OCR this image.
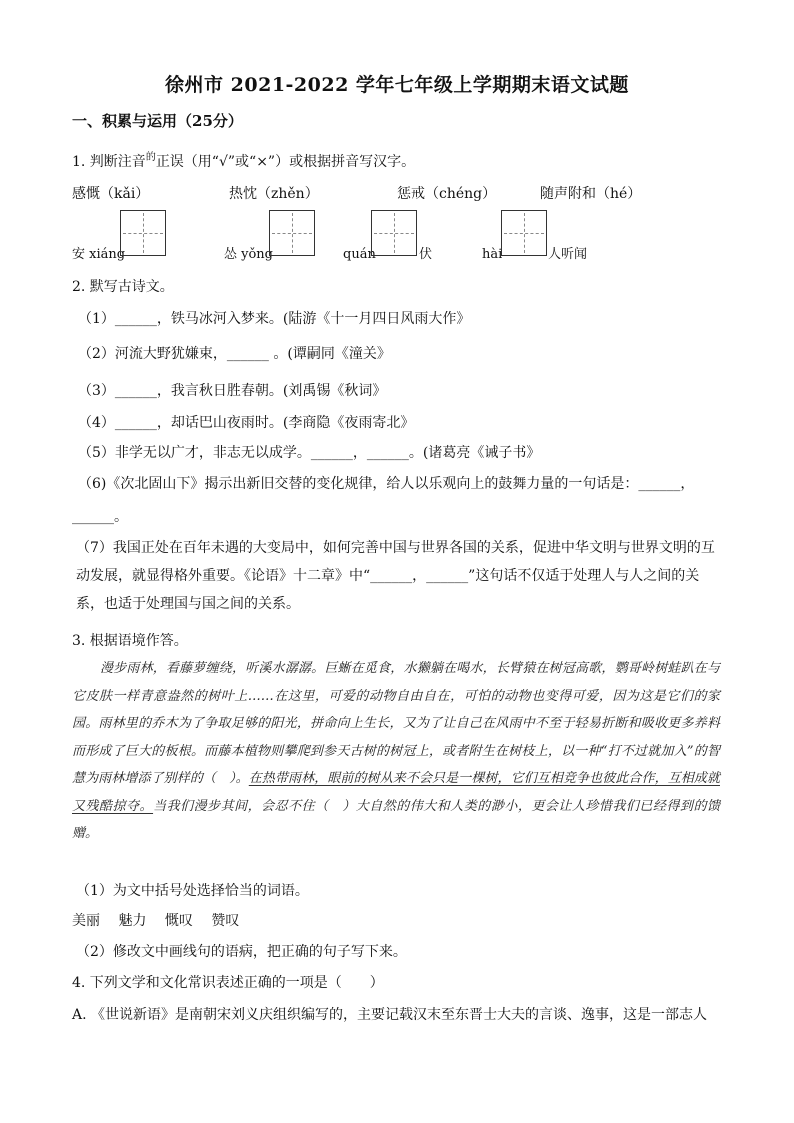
徐州市 2021-2022 学年七年级上学期期末语文试题
一、积累与运用（25分）
1. 判断注音$^的$正误（用“√”或“×”）或根据拼音写汉字。
感慨（kǎi）	热忱（zhěn）	惩戒（chéng）	随声附和（hé）
安 xiáng	怂 yǒng	quán	伏	hài	人听闻
2. 默写古诗文。
（1）______，铁马冰河入梦来。(陆游《十一月四日风雨大作》
（2）河流大野犹嫌束，______ 。(谭嗣同《潼关》
（3）______，我言秋日胜春朝。(刘禹锡《秋词》
（4）______，却话巴山夜雨时。(李商隐《夜雨寄北》
（5）非学无以广才，非志无以成学。______，______。(诸葛亮《诫子书》
（6)《次北固山下》揭示出新旧交替的变化规律，给人以乐观向上的鼓舞力量的一句话是：______，
______。
（7）我国正处在百年未遇的大变局中，如何完善中国与世界各国的关系，促进中华文明与世界文明的互动发展，就显得格外重要。《论语》十二章》中“______，______”这句话不仅适于处理人与人之间的关系，也适于处理国与国之间的关系。
3. 根据语境作答。
漫步雨林，看藤萝缠绕，听溪水潺潺。巨蜥在觅食，水獭躺在喝水，长臂猿在树冠高歌，鹦哥岭树蛙趴在与它皮肤一样青意盎然的树叶上……在这里，可爱的动物自由自在，可怕的动物也变得可爱，因为这是它们的家园。雨林里的乔木为了争取足够的阳光，拼命向上生长，又为了让自己在风雨中不至于轻易折断和吸收更多养料而形成了巨大的板根。而藤本植物则攀爬到参天古树的树冠上，或者附生在树枝上，以一种“打不过就加入”的智慧为雨林增添了别样的（　）。在热带雨林，眼前的树从来不会只是一棵树，它们互相竞争也彼此合作，互相成就又残酷掠夺。当我们漫步其间，会忍不住（　）大自然的伟大和人类的渺小，更会让人珍惜我们已经得到的馈赠。
（1）为文中括号处选择恰当的词语。
美丽 魅力 慨叹 赞叹
（2）修改文中画线句的语病，把正确的句子写下来。
4. 下列文学和文化常识表述正确的一项是（　　）
A. 《世说新语》是南朝宋刘义庆组织编写的，主要记载汉末至东晋士大夫的言谈、逸事，这是一部志人
